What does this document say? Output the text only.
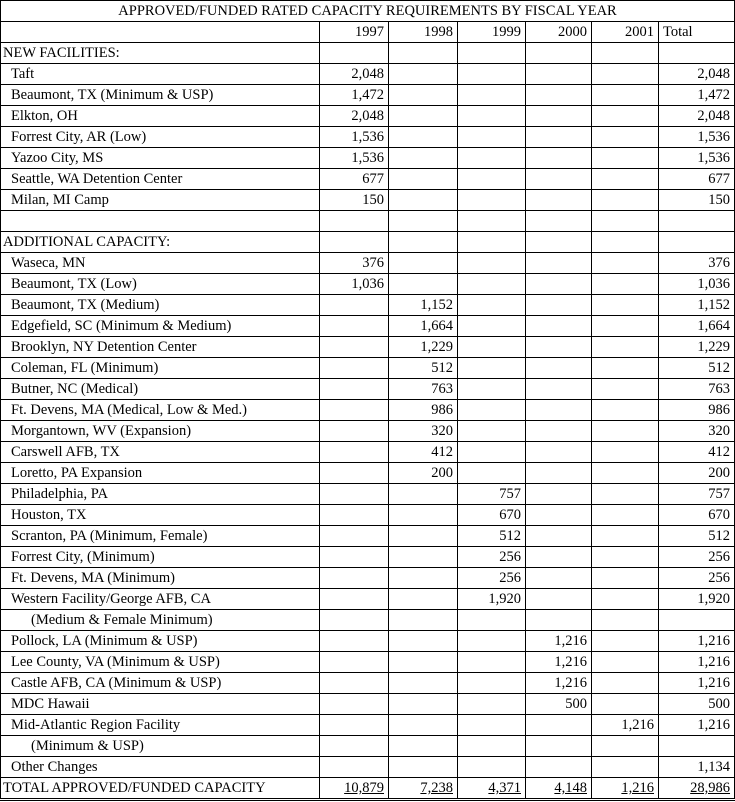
APPROVED/FUNDED RATED CAPACITY REQUIREMENTS BY FISCAL YEAR						
	1997	1998	1999	2000	2001	Total
NEW FACILITIES:						
Taft	2,048					2,048
Beaumont, TX (Minimum & USP)	1,472					1,472
Elkton, OH	2,048					2,048
Forrest City, AR (Low)	1,536					1,536
Yazoo City, MS	1,536					1,536
Seattle, WA Detention Center	677					677
Milan, MI Camp	150					150

ADDITIONAL CAPACITY:						
Waseca, MN	376					376
Beaumont, TX (Low)	1,036					1,036
Beaumont, TX (Medium)		1,152				1,152
Edgefield, SC (Minimum & Medium)		1,664				1,664
Brooklyn, NY Detention Center		1,229				1,229
Coleman, FL (Minimum)		512				512
Butner, NC (Medical)		763				763
Ft. Devens, MA (Medical, Low & Med.)		986				986
Morgantown, WV (Expansion)		320				320
Carswell AFB, TX		412				412
Loretto, PA Expansion		200				200
Philadelphia, PA			757			757
Houston, TX			670			670
Scranton, PA (Minimum, Female)			512			512
Forrest City, (Minimum)			256			256
Ft. Devens, MA (Minimum)			256			256
Western Facility/George AFB, CA			1,920			1,920
(Medium & Female Minimum)						
Pollock, LA (Minimum & USP)				1,216		1,216
Lee County, VA (Minimum & USP)				1,216		1,216
Castle AFB, CA (Minimum & USP)				1,216		1,216
MDC Hawaii				500		500
Mid-Atlantic Region Facility					1,216	1,216
(Minimum & USP)						
Other Changes						1,134
TOTAL APPROVED/FUNDED CAPACITY	10,879	7,238	4,371	4,148	1,216	28,986
